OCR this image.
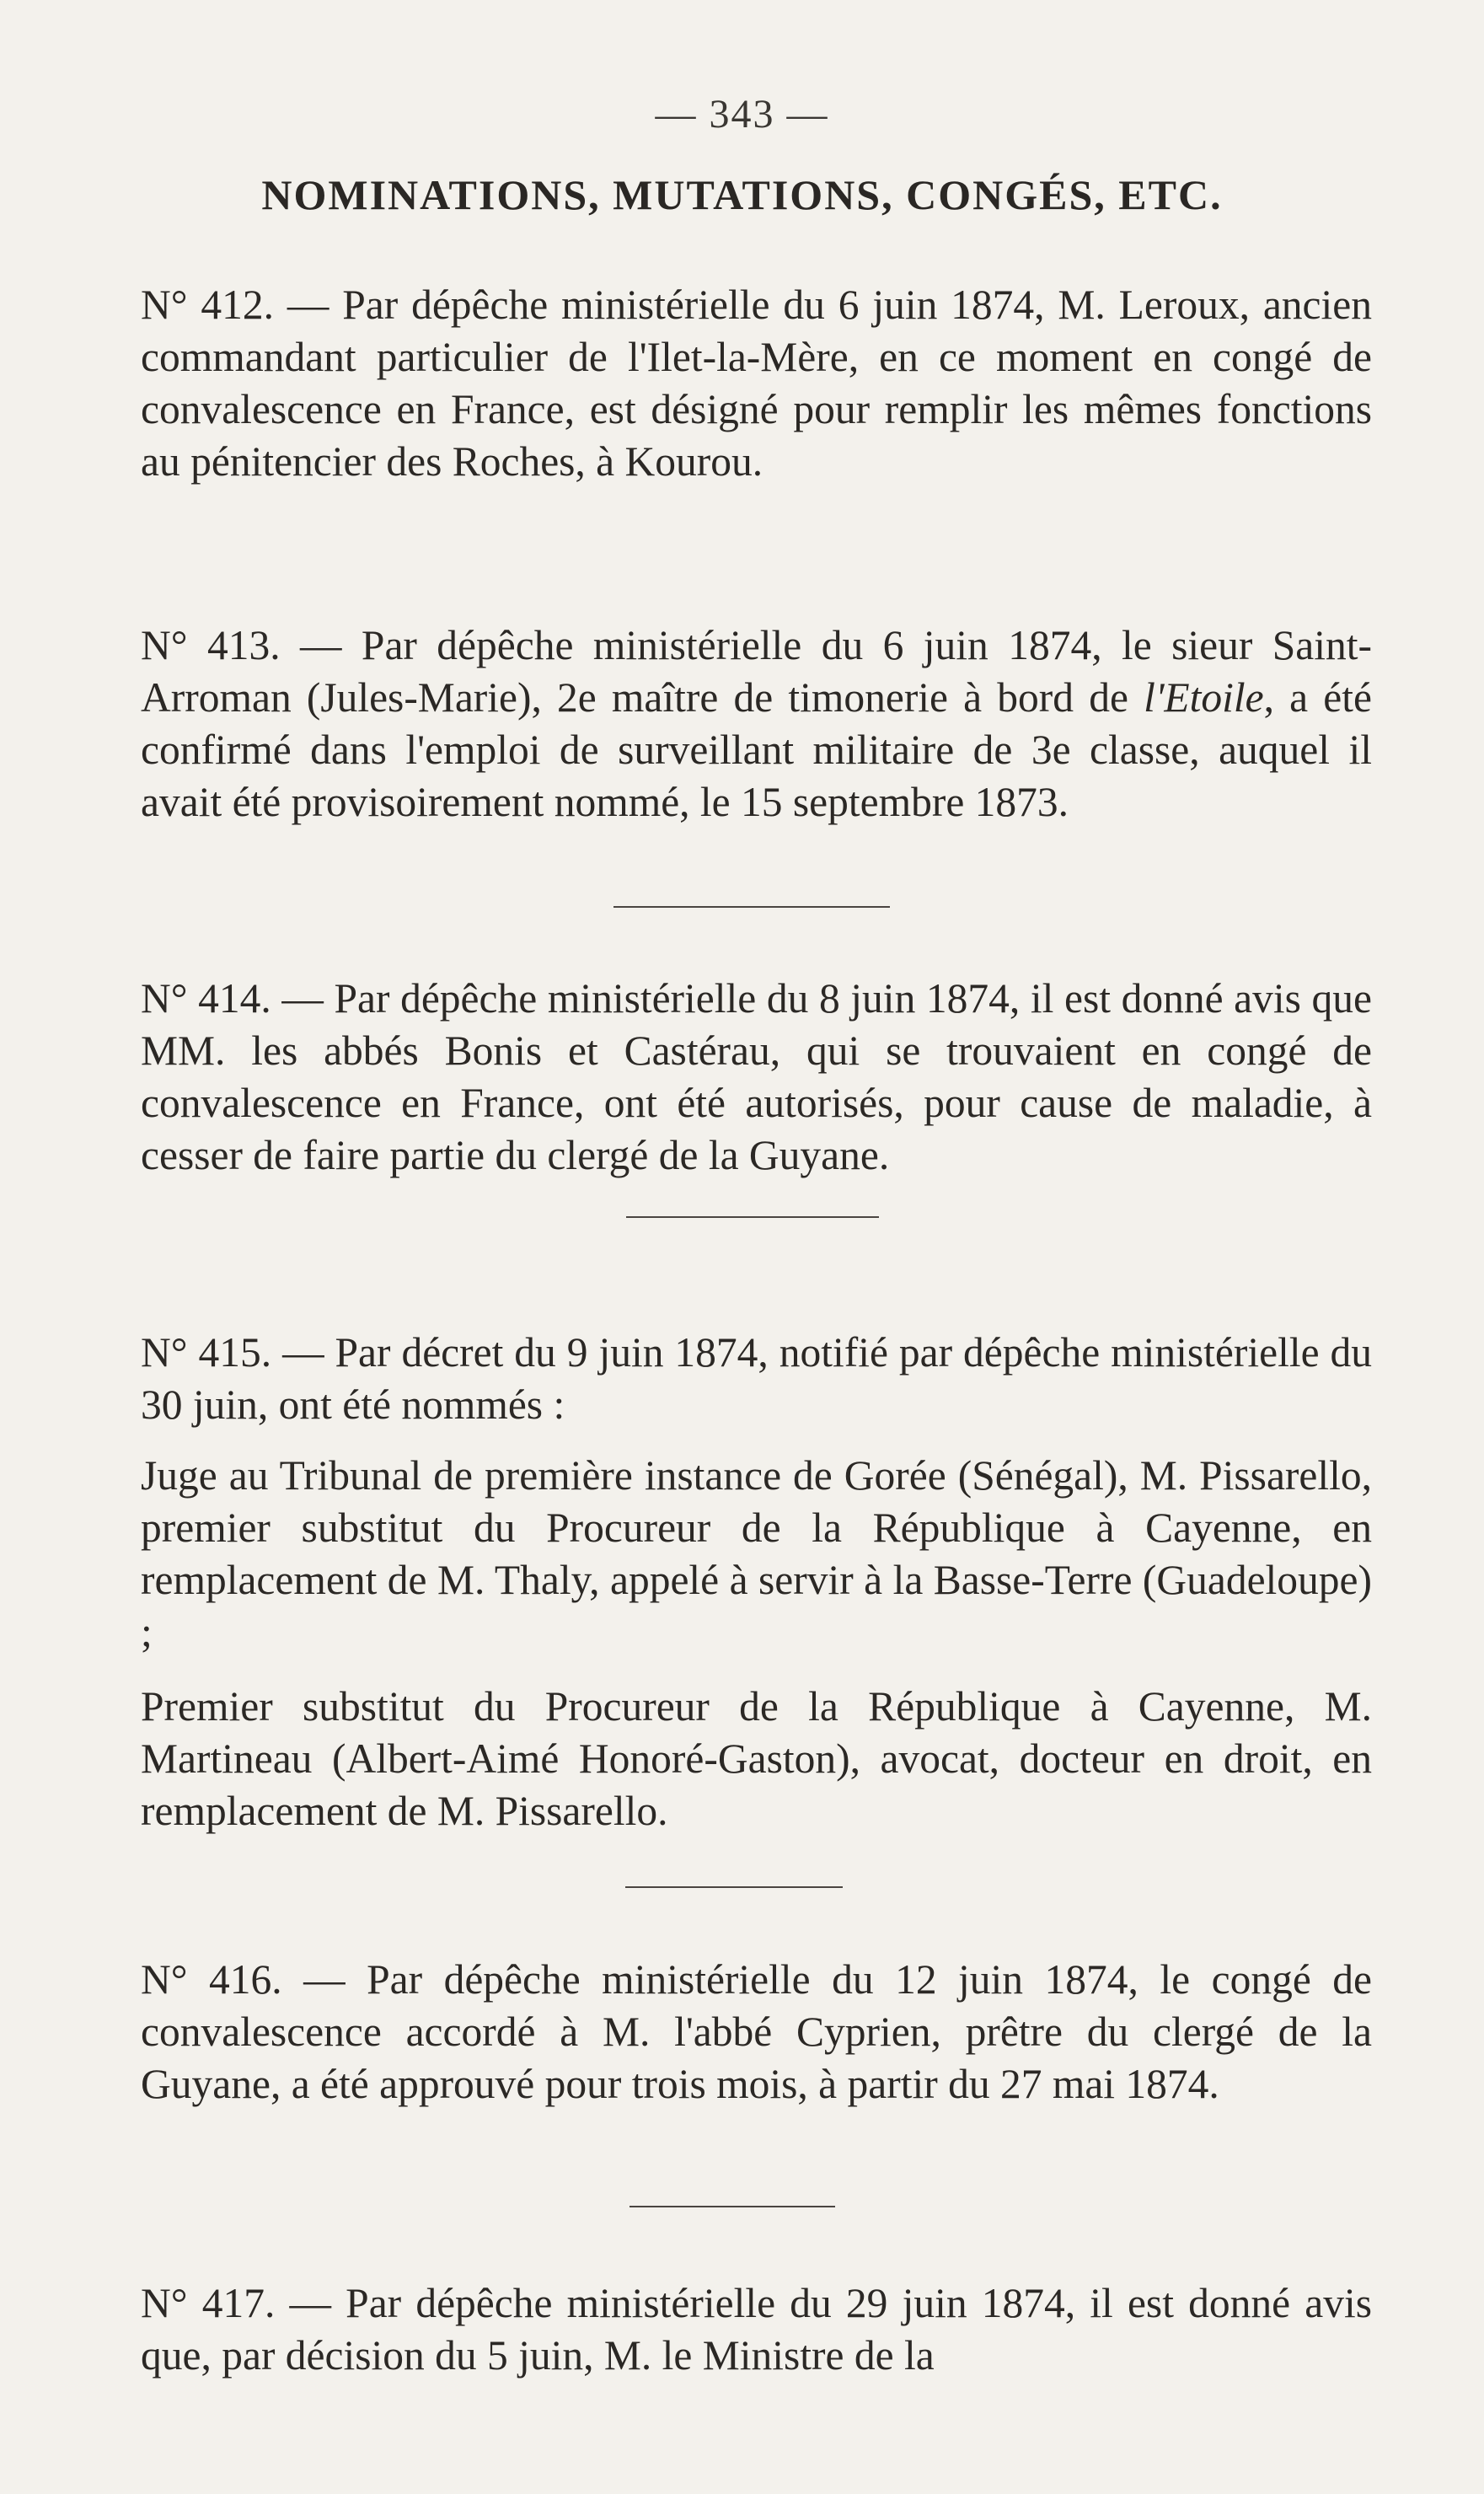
— 343 —
NOMINATIONS, MUTATIONS, CONGÉS, ETC.

N° 412. — Par dépêche ministérielle du 6 juin 1874, M. Leroux, ancien commandant particulier de l'Ilet-la-Mère, en ce moment en congé de convalescence en France, est désigné pour remplir les mêmes fonctions au pénitencier des Roches, à Kourou.

N° 413. — Par dépêche ministérielle du 6 juin 1874, le sieur Saint-Arroman (Jules-Marie), 2e maître de timonerie à bord de l'Etoile, a été confirmé dans l'emploi de surveillant militaire de 3e classe, auquel il avait été provisoirement nommé, le 15 septembre 1873.

N° 414. — Par dépêche ministérielle du 8 juin 1874, il est donné avis que MM. les abbés Bonis et Castérau, qui se trouvaient en congé de convalescence en France, ont été autorisés, pour cause de maladie, à cesser de faire partie du clergé de la Guyane.

N° 415. — Par décret du 9 juin 1874, notifié par dépêche ministérielle du 30 juin, ont été nommés :

Juge au Tribunal de première instance de Gorée (Sénégal), M. Pissarello, premier substitut du Procureur de la République à Cayenne, en remplacement de M. Thaly, appelé à servir à la Basse-Terre (Guadeloupe) ;

Premier substitut du Procureur de la République à Cayenne, M. Martineau (Albert-Aimé Honoré-Gaston), avocat, docteur en droit, en remplacement de M. Pissarello.

N° 416. — Par dépêche ministérielle du 12 juin 1874, le congé de convalescence accordé à M. l'abbé Cyprien, prêtre du clergé de la Guyane, a été approuvé pour trois mois, à partir du 27 mai 1874.

N° 417. — Par dépêche ministérielle du 29 juin 1874, il est donné avis que, par décision du 5 juin, M. le Ministre de la
